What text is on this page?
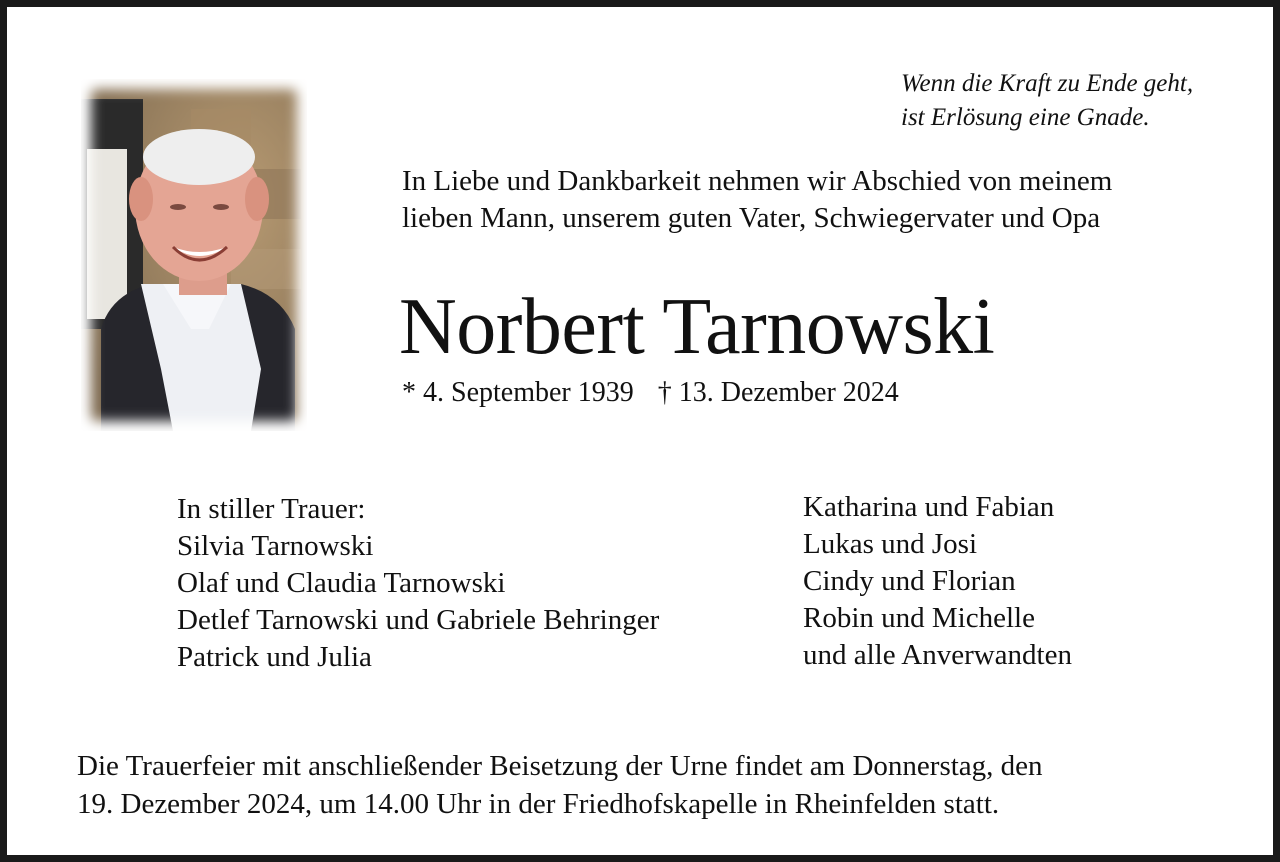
Wenn die Kraft zu Ende geht,
ist Erlösung eine Gnade.
In Liebe und Dankbarkeit nehmen wir Abschied von meinem
lieben Mann, unserem guten Vater, Schwiegervater und Opa
Norbert Tarnowski
* 4. September 1939 † 13. Dezember 2024
In stiller Trauer:
Silvia Tarnowski
Olaf und Claudia Tarnowski
Detlef Tarnowski und Gabriele Behringer
Patrick und Julia
Katharina und Fabian
Lukas und Josi
Cindy und Florian
Robin und Michelle
und alle Anverwandten
Die Trauerfeier mit anschließender Beisetzung der Urne findet am Donnerstag, den
19. Dezember 2024, um 14.00 Uhr in der Friedhofskapelle in Rheinfelden statt.
